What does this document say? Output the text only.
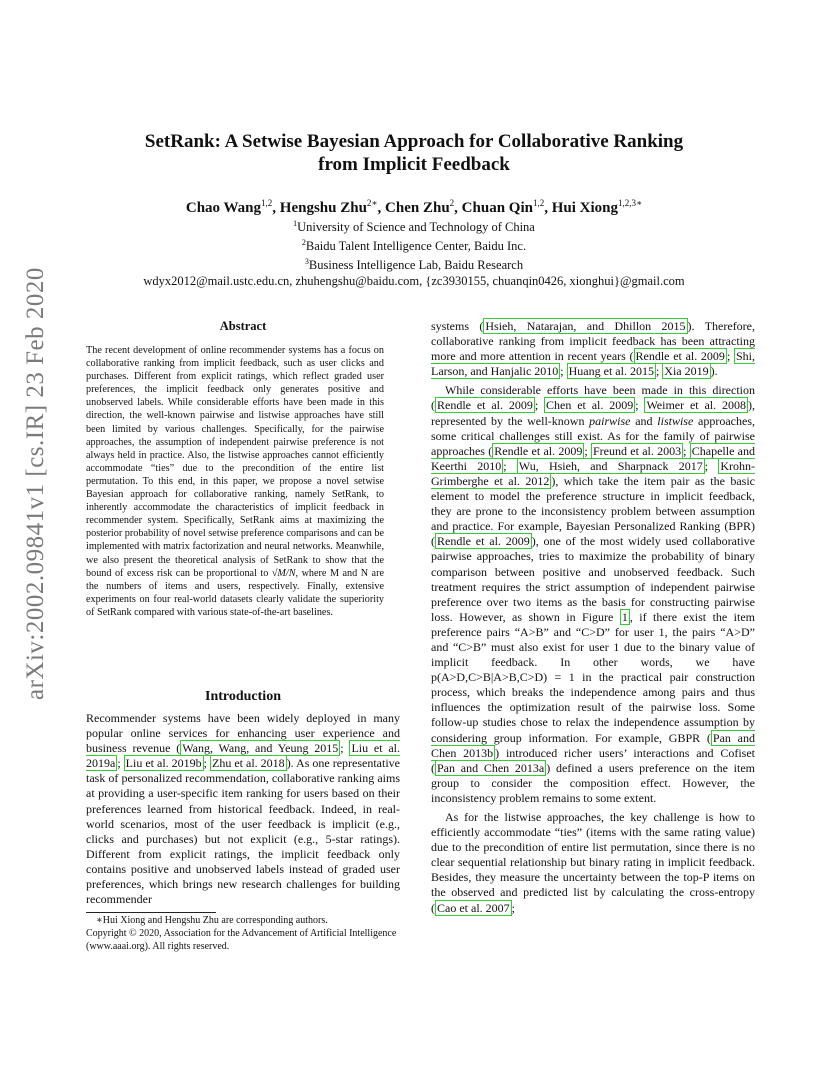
arXiv:2002.09841v1 [cs.IR] 23 Feb 2020
SetRank: A Setwise Bayesian Approach for Collaborative Ranking
from Implicit Feedback
Chao Wang$^{1,2}$, Hengshu Zhu$^{2∗}$, Chen Zhu$^2$, Chuan Qin$^{1,2}$, Hui Xiong$^{1,2,3∗}$
$^1$University of Science and Technology of China
$^2$Baidu Talent Intelligence Center, Baidu Inc.
$^3$Business Intelligence Lab, Baidu Research
wdyx2012@mail.ustc.edu.cn, zhuhengshu@baidu.com, {zc3930155, chuanqin0426, xionghui}@gmail.com
Abstract
The recent development of online recommender systems has a focus on collaborative ranking from implicit feedback, such as user clicks and purchases. Different from explicit ratings, which reflect graded user preferences, the implicit feedback only generates positive and unobserved labels. While considerable efforts have been made in this direction, the well-known pairwise and listwise approaches have still been limited by various challenges. Specifically, for the pairwise approaches, the assumption of independent pairwise preference is not always held in practice. Also, the listwise approaches cannot efficiently accommodate “ties” due to the precondition of the entire list permutation. To this end, in this paper, we propose a novel setwise Bayesian approach for collaborative ranking, namely SetRank, to inherently accommodate the characteristics of implicit feedback in recommender system. Specifically, SetRank aims at maximizing the posterior probability of novel setwise preference comparisons and can be implemented with matrix factorization and neural networks. Meanwhile, we also present the theoretical analysis of SetRank to show that the bound of excess risk can be proportional to √M/N, where M and N are the numbers of items and users, respectively. Finally, extensive experiments on four real-world datasets clearly validate the superiority of SetRank compared with various state-of-the-art baselines.
Introduction

Recommender systems have been widely deployed in many popular online services for enhancing user experience and business revenue ( Wang, Wang, and Yeung 2015 ; Liu et al. 2019a ; Liu et al. 2019b ; Zhu et al. 2018 ). As one representative task of personalized recommendation, collaborative ranking aims at providing a user-specific item ranking for users based on their preferences learned from historical feedback. Indeed, in real-world scenarios, most of the user feedback is implicit (e.g., clicks and purchases) but not explicit (e.g., 5-star ratings). Different from explicit ratings, the implicit feedback only contains positive and unobserved labels instead of graded user preferences, which brings new research challenges for building recommender

∗Hui Xiong and Hengshu Zhu are corresponding authors.
Copyright © 2020, Association for the Advancement of Artificial Intelligence (www.aaai.org). All rights reserved.

systems ( Hsieh, Natarajan, and Dhillon 2015 ). Therefore, collaborative ranking from implicit feedback has been attracting more and more attention in recent years ( Rendle et al. 2009 ; Shi, Larson, and Hanjalic 2010 ; Huang et al. 2015 ; Xia 2019 ).

While considerable efforts have been made in this direction ( Rendle et al. 2009 ; Chen et al. 2009 ; Weimer et al. 2008 ), represented by the well-known pairwise and listwise approaches, some critical challenges still exist. As for the family of pairwise approaches ( Rendle et al. 2009 ; Freund et al. 2003 ; Chapelle and Keerthi 2010 ; Wu, Hsieh, and Sharpnack 2017 ; Krohn-Grimberghe et al. 2012 ), which take the item pair as the basic element to model the preference structure in implicit feedback, they are prone to the inconsistency problem between assumption and practice. For example, Bayesian Personalized Ranking (BPR) ( Rendle et al. 2009 ), one of the most widely used collaborative pairwise approaches, tries to maximize the probability of binary comparison between positive and unobserved feedback. Such treatment requires the strict assumption of independent pairwise preference over two items as the basis for constructing pairwise loss. However, as shown in Figure 1 , if there exist the item preference pairs “A>B” and “C>D” for user 1, the pairs “A>D” and “C>B” must also exist for user 1 due to the binary value of implicit feedback. In other words, we have p(A>D,C>B|A>B,C>D) = 1 in the practical pair construction process, which breaks the independence among pairs and thus influences the optimization result of the pairwise loss. Some follow-up studies chose to relax the independence assumption by considering group information. For example, GBPR ( Pan and Chen 2013b ) introduced richer users’ interactions and Cofiset ( Pan and Chen 2013a ) defined a users preference on the item group to consider the composition effect. However, the inconsistency problem remains to some extent.

As for the listwise approaches, the key challenge is how to efficiently accommodate “ties” (items with the same rating value) due to the precondition of entire list permutation, since there is no clear sequential relationship but binary rating in implicit feedback. Besides, they measure the uncertainty between the top-P items on the observed and predicted list by calculating the cross-entropy ( Cao et al. 2007 ;
